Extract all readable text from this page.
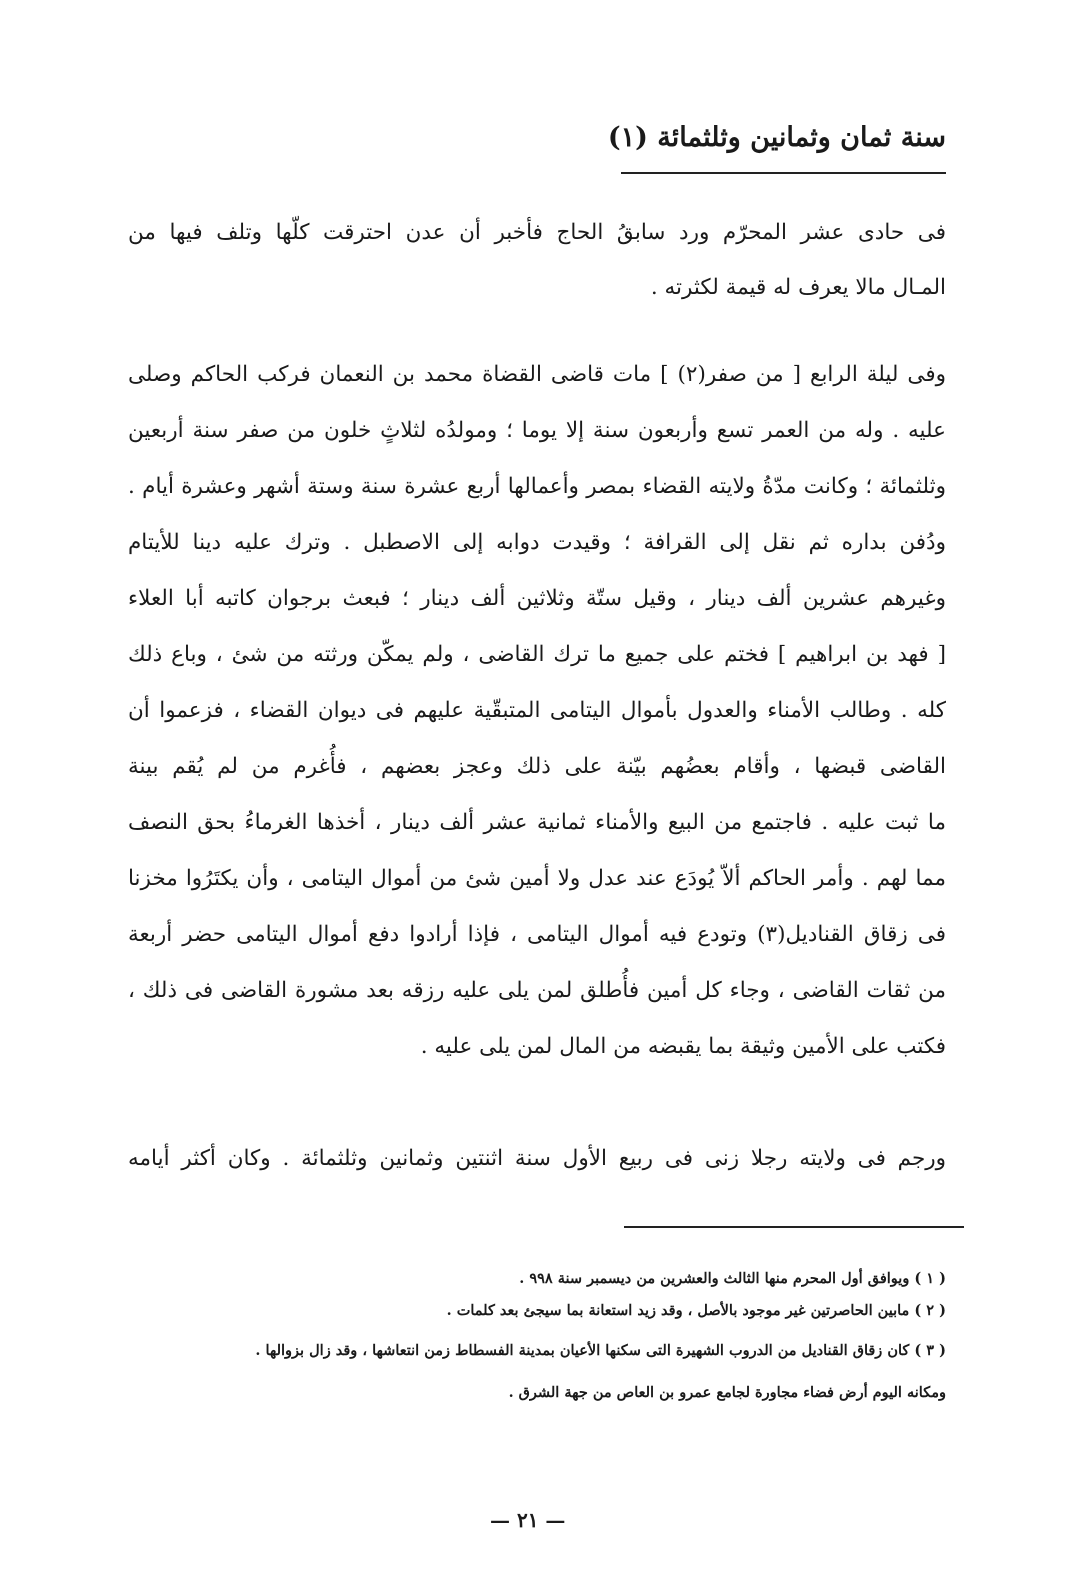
سنة ثمان وثمانين وثلثمائة (١)
فى حادى عشر المحرّم ورد سابقُ الحاج فأخبر أن عدن احترقت كلّها وتلف فيها من
المـال مالا يعرف له قيمة لكثرته .
وفى ليلة الرابع [ من صفر(٢) ] مات قاضى القضاة محمد بن النعمان فركب الحاكم وصلى
عليه . وله من العمر تسع وأربعون سنة إلا يوما ؛ ومولدُه لثلاثٍ خلون من صفر سنة أربعين
وثلثمائة ؛ وكانت مدّةُ ولايته القضاء بمصر وأعمالها أربع عشرة سنة وستة أشهر وعشرة أيام .
ودُفن بداره ثم نقل إلى القرافة ؛ وقيدت دوابه إلى الاصطبل . وترك عليه دينا للأيتام
وغيرهم عشرين ألف دينار ، وقيل ستّة وثلاثين ألف دينار ؛ فبعث برجوان كاتبه أبا العلاء
[ فهد بن ابراهيم ] فختم على جميع ما ترك القاضى ، ولم يمكّن ورثته من شئ ، وباع ذلك
كله . وطالب الأمناء والعدول بأموال اليتامى المتبقّية عليهم فى ديوان القضاء ، فزعموا أن
القاضى قبضها ، وأقام بعضُهم بيّنة على ذلك وعجز بعضهم ، فأُغرم من لم يُقم بينة
ما ثبت عليه . فاجتمع من البيع والأمناء ثمانية عشر ألف دينار ، أخذها الغرماءُ بحق النصف
مما لهم . وأمر الحاكم ألاّ يُودَع عند عدل ولا أمين شئ من أموال اليتامى ، وأن يكتَرُوا مخزنا
فى زقاق القناديل(٣) وتودع فيه أموال اليتامى ، فإذا أرادوا دفع أموال اليتامى حضر أربعة
من ثقات القاضى ، وجاء كل أمين فأُطلق لمن يلى عليه رزقه بعد مشورة القاضى فى ذلك ،
فكتب على الأمين وثيقة بما يقبضه من المال لمن يلى عليه .
ورجم فى ولايته رجلا زنى فى ربيع الأول سنة اثنتين وثمانين وثلثمائة . وكان أكثر أيامه
( ١ ) ويوافق أول المحرم منها الثالث والعشرين من ديسمبر سنة ٩٩٨ .
( ٢ ) مابين الحاصرتين غير موجود بالأصل ، وقد زيد استعانة بما سيجئ بعد كلمات .
( ٣ ) كان زقاق القناديل من الدروب الشهيرة التى سكنها الأعيان بمدينة الفسطاط زمن انتعاشها ، وقد زال بزوالها .
ومكانه اليوم أرض فضاء مجاورة لجامع عمرو بن العاص من جهة الشرق .
— ٢١ —
